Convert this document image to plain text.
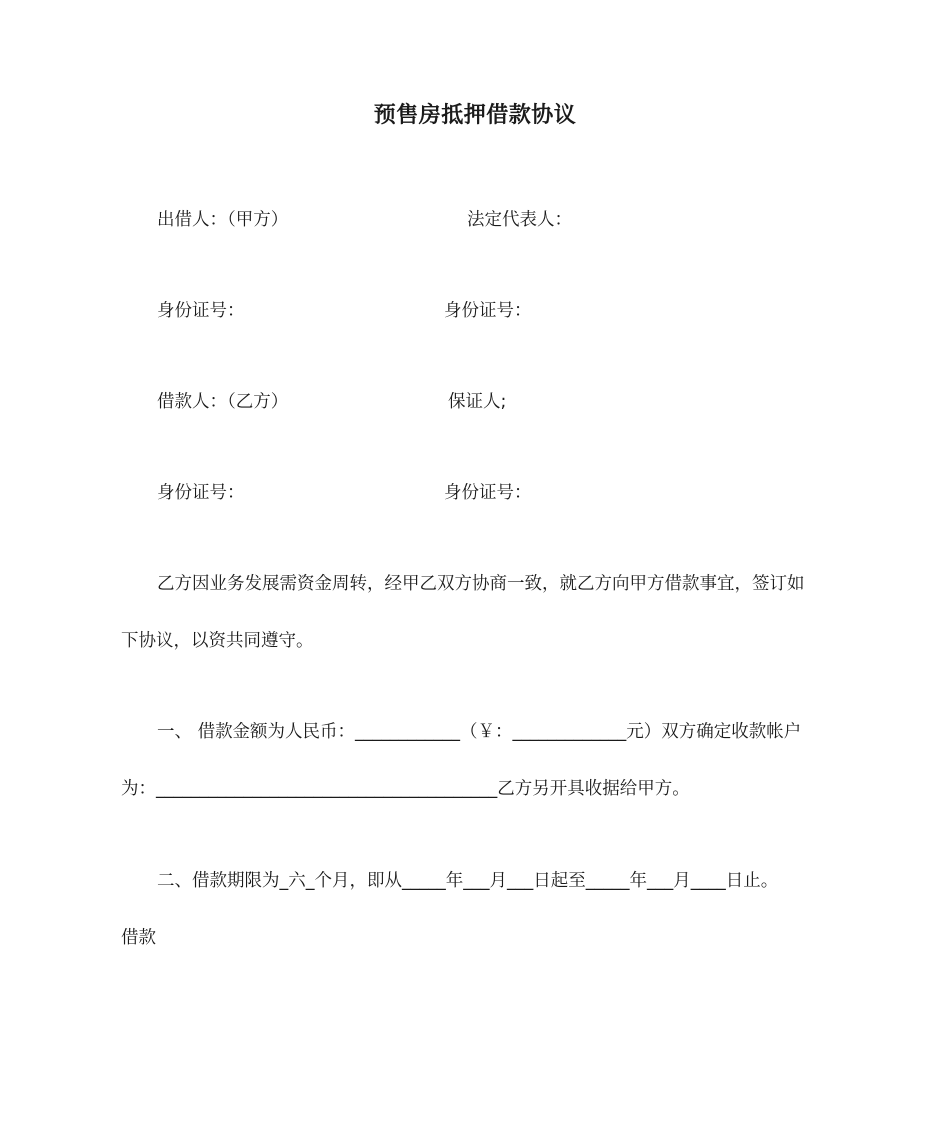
预售房抵押借款协议
出借人：（甲方）	法定代表人：
身份证号：	身份证号：
借款人：（乙方）	保证人;
身份证号：	身份证号：
乙方因业务发展需资金周转，经甲乙双方协商一致，就乙方向甲方借款事宜，签订如
下协议，以资共同遵守。
一、 借款金额为人民币：____________（￥：_____________元）双方确定收款帐户
为：_______________________________________乙方另开具收据给甲方。
二、借款期限为_六_个月，即从_____年___月___日起至_____年___月____日止。
借款
